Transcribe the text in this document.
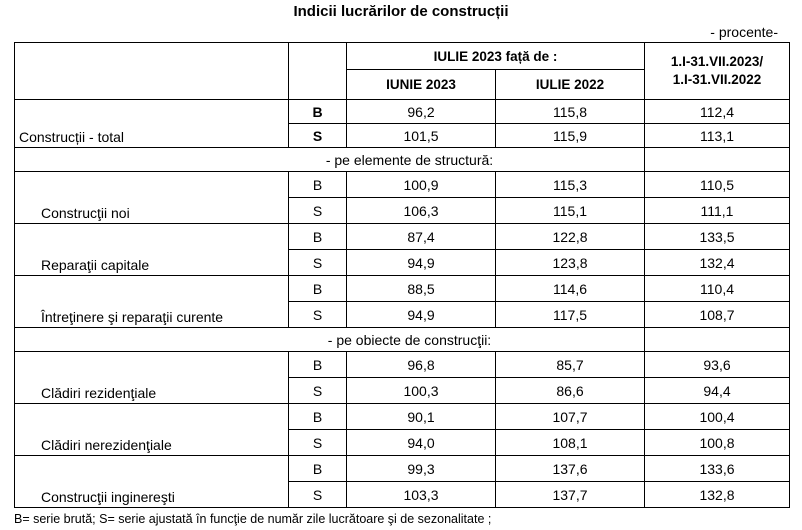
Indicii lucrărilor de construcții
- procente-
		IULIE 2023 față de :		1.I-31.VII.2023/
1.I-31.VII.2022

		IUNIE 2023	IULIE 2022	
Construcții - total	B	96,2	115,8	112,4
	S	101,5	115,9	113,1
- pe elemente de structură:				
Construcţii noi	B	100,9	115,3	110,5
	S	106,3	115,1	111,1
Reparaţii capitale	B	87,4	122,8	133,5
	S	94,9	123,8	132,4
Întreţinere şi reparaţii curente	B	88,5	114,6	110,4
	S	94,9	117,5	108,7
- pe obiecte de construcţii:				
Clădiri rezidenţiale	B	96,8	85,7	93,6
	S	100,3	86,6	94,4
Clădiri nerezidenţiale	B	90,1	107,7	100,4
	S	94,0	108,1	100,8
Construcţii inginereşti	B	99,3	137,6	133,6
	S	103,3	137,7	132,8
B= serie brută; S= serie ajustată în funcţie de număr zile lucrătoare şi de sezonalitate ;
